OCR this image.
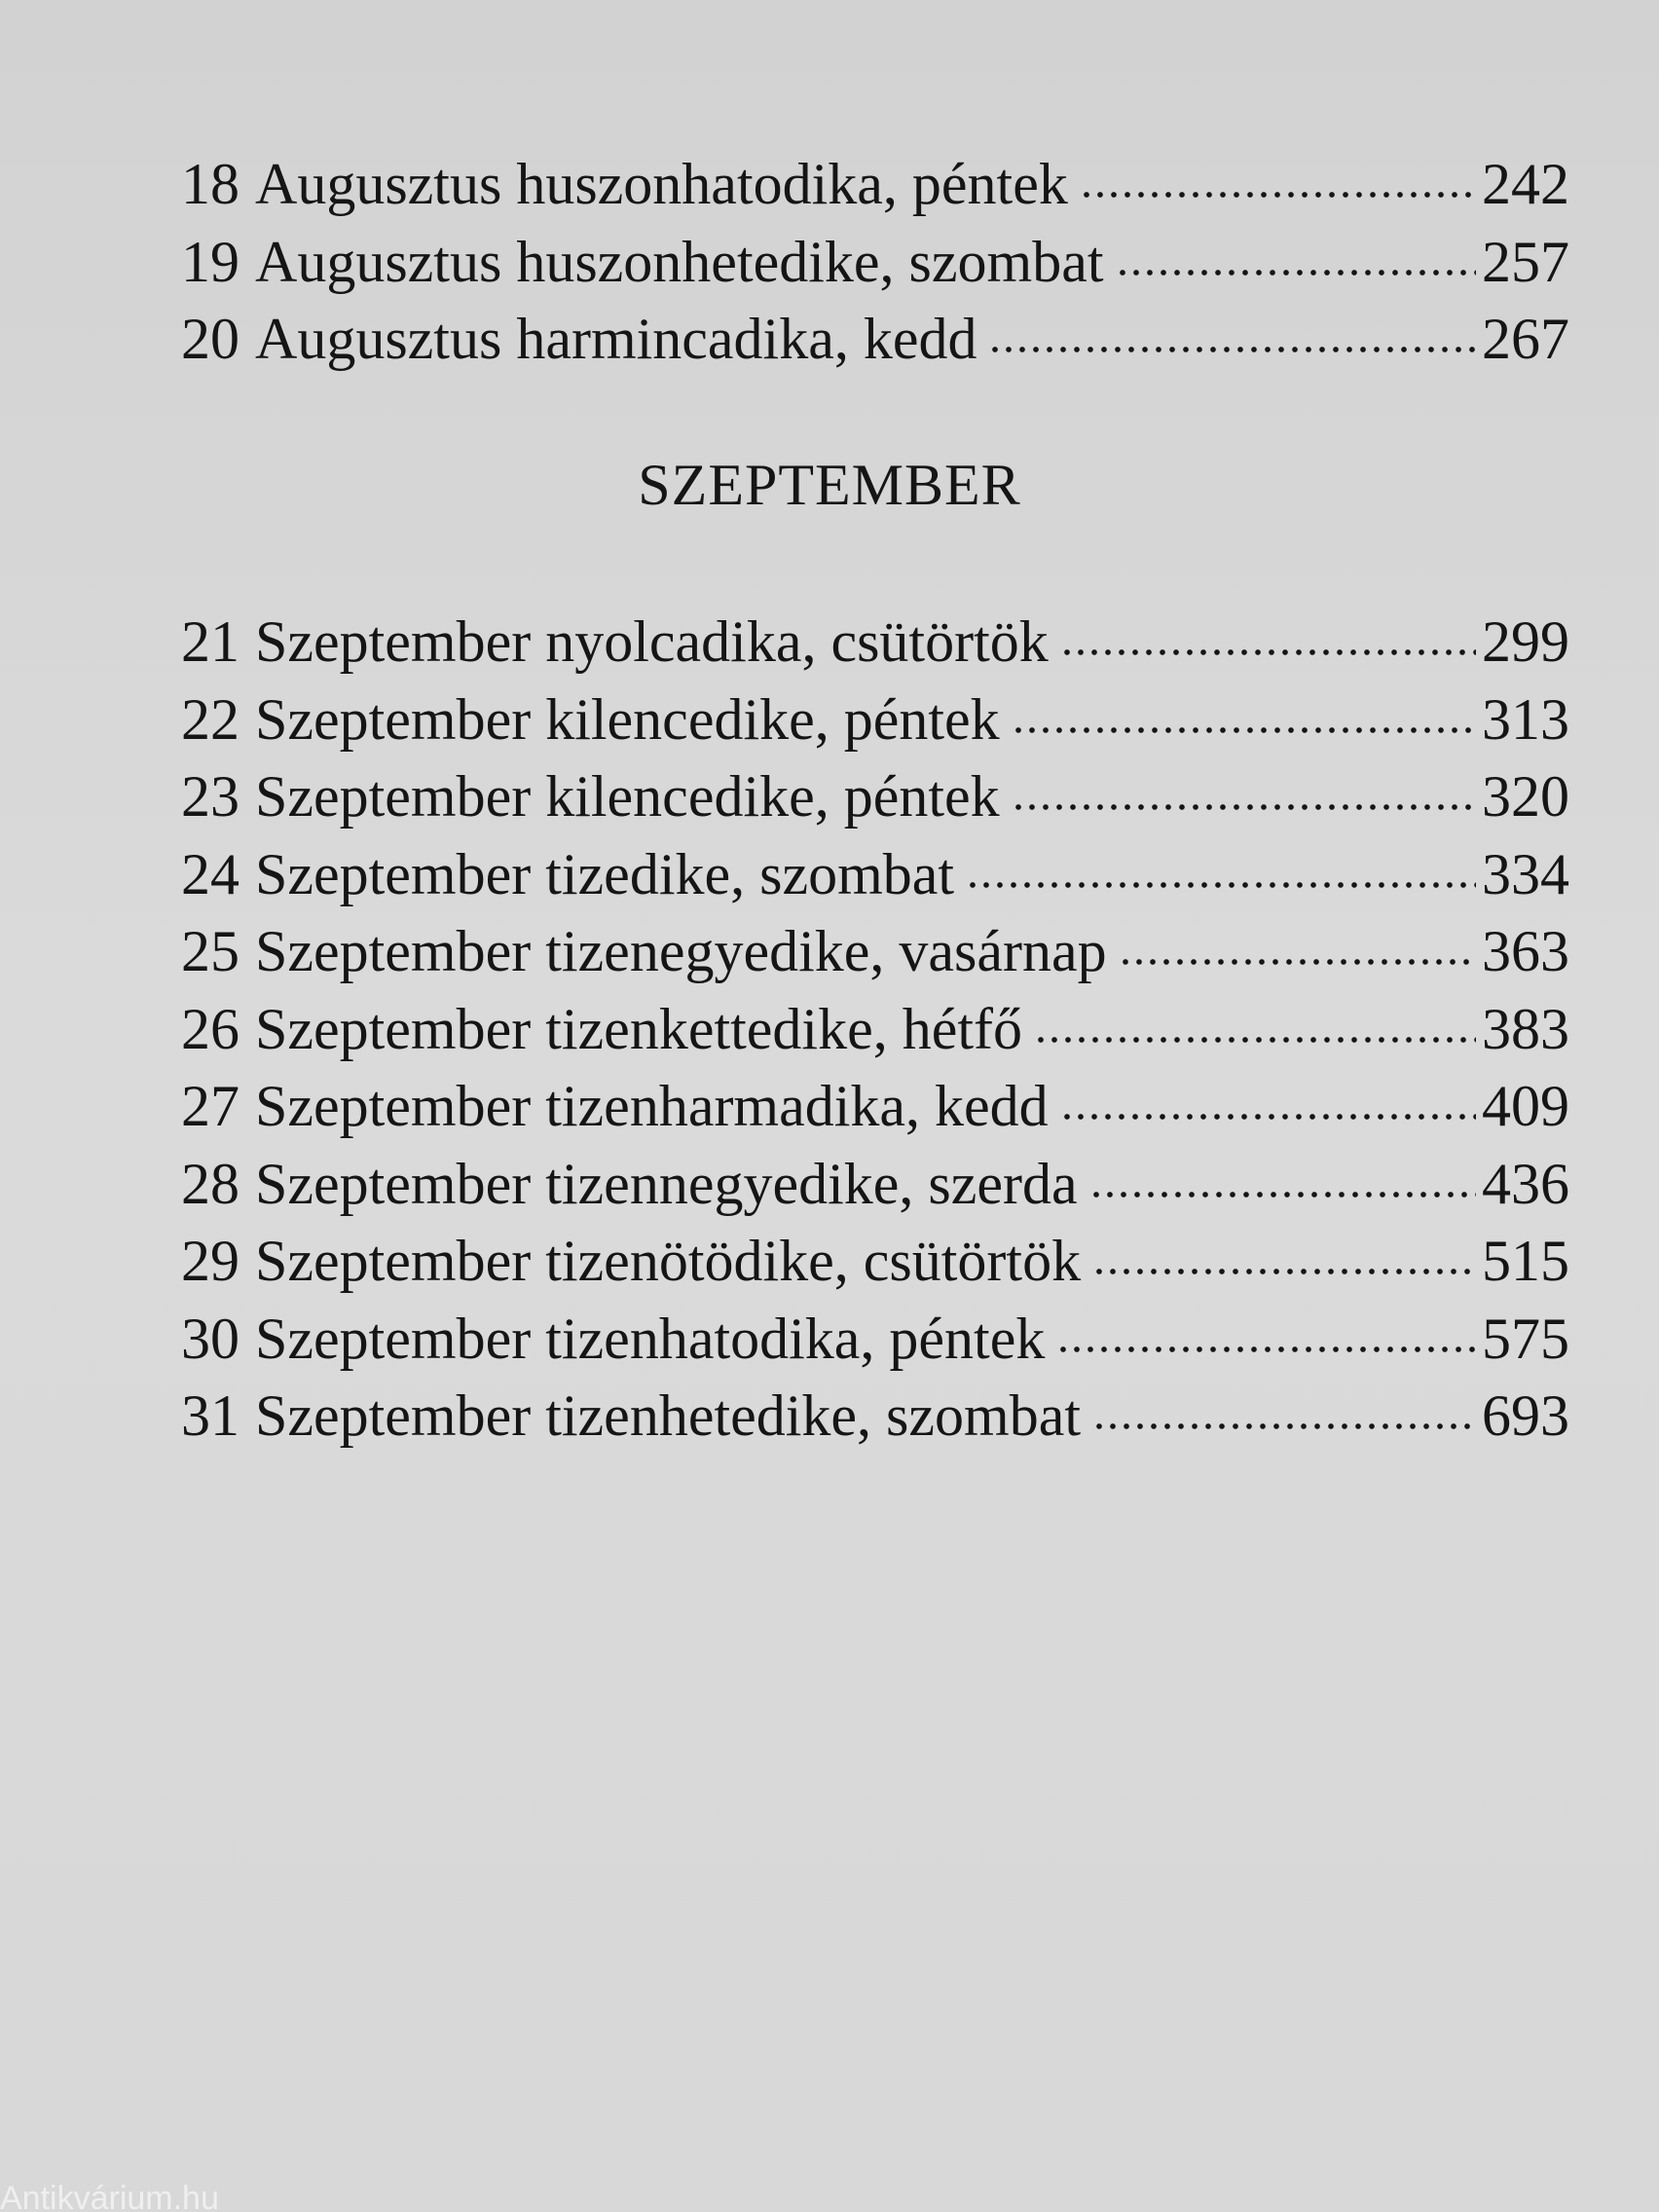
18 Augusztus huszonhatodika, péntek	242
19 Augusztus huszonhetedike, szombat	257
20 Augusztus harmincadika, kedd	267
SZEPTEMBER
21 Szeptember nyolcadika, csütörtök	299
22 Szeptember kilencedike, péntek	313
23 Szeptember kilencedike, péntek	320
24 Szeptember tizedike, szombat	334
25 Szeptember tizenegyedike, vasárnap	363
26 Szeptember tizenkettedike, hétfő	383
27 Szeptember tizenharmadika, kedd	409
28 Szeptember tizennegyedike, szerda	436
29 Szeptember tizenötödike, csütörtök	515
30 Szeptember tizenhatodika, péntek	575
31 Szeptember tizenhetedike, szombat	693
Antikvárium.hu
